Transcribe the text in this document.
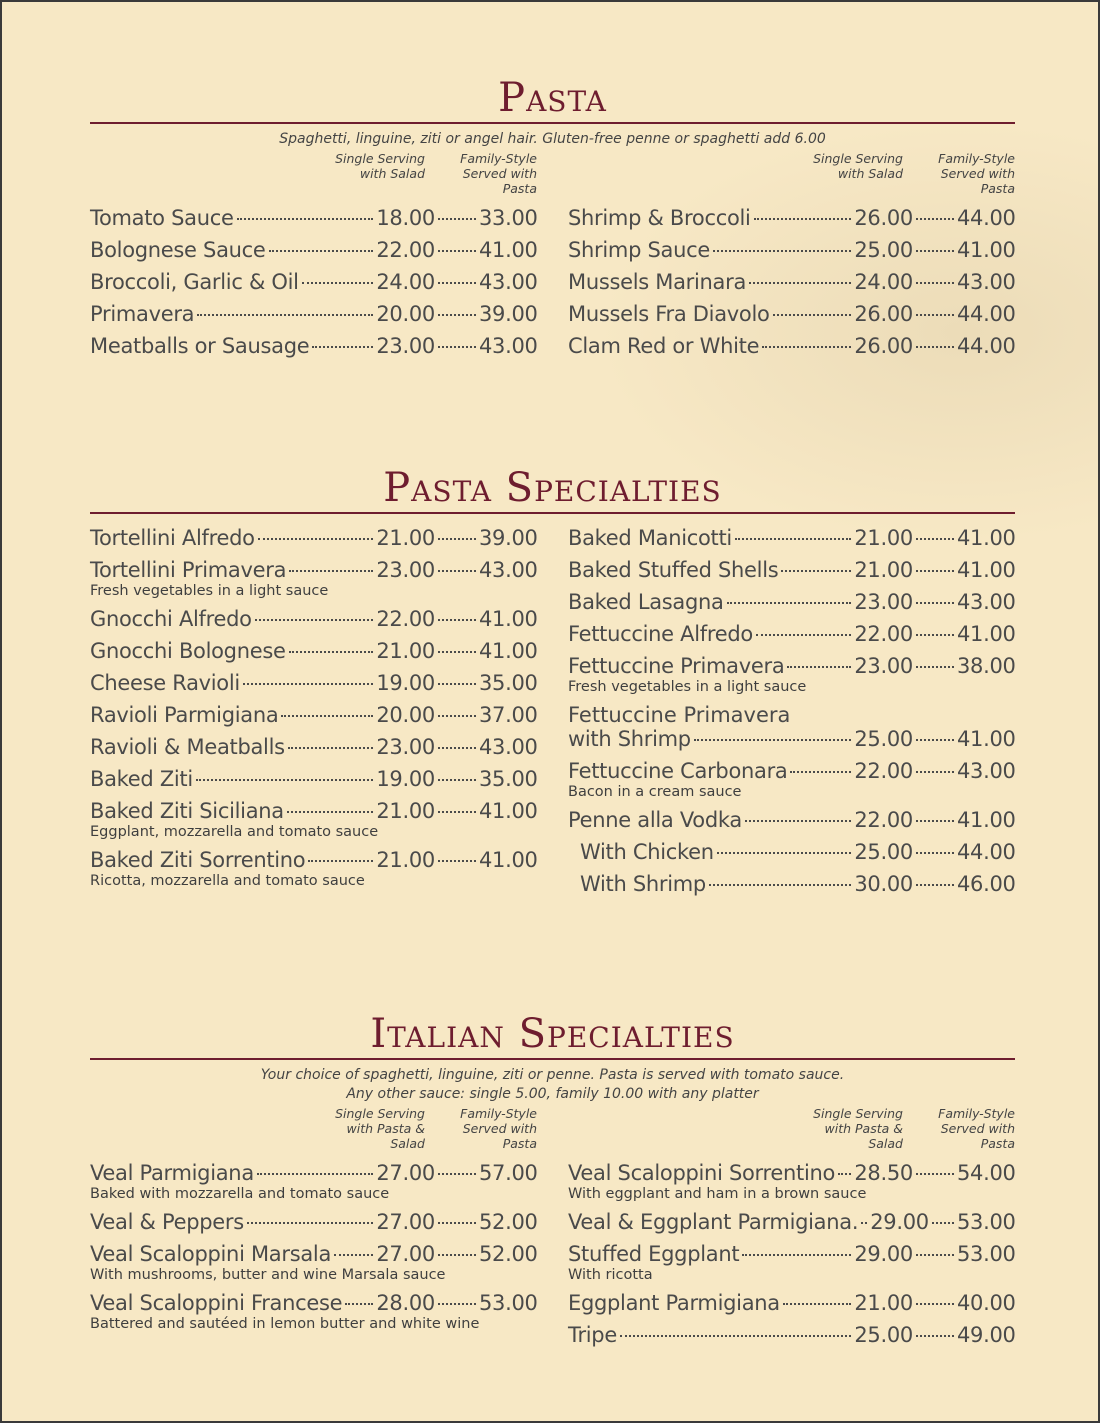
Pasta
Spaghetti, linguine, ziti or angel hair. Gluten-free penne or spaghetti add 6.00
Single Serving
with Salad
Family-Style
Served with Pasta
Tomato Sauce	18.00 33.00
Bolognese Sauce	22.00 41.00
Broccoli, Garlic & Oil	24.00 43.00
Primavera	20.00 39.00
Meatballs or Sausage	23.00 43.00
Single Serving
with Salad
Family-Style
Served with Pasta
Shrimp & Broccoli	26.00 44.00
Shrimp Sauce	25.00 41.00
Mussels Marinara	24.00 43.00
Mussels Fra Diavolo	26.00 44.00
Clam Red or White	26.00 44.00
Pasta Specialties
Tortellini Alfredo	21.00 39.00
Tortellini Primavera	23.00 43.00
Fresh vegetables in a light sauce
Gnocchi Alfredo	22.00 41.00
Gnocchi Bolognese	21.00 41.00
Cheese Ravioli	19.00 35.00
Ravioli Parmigiana	20.00 37.00
Ravioli & Meatballs	23.00 43.00
Baked Ziti	19.00 35.00
Baked Ziti Siciliana	21.00 41.00
Eggplant, mozzarella and tomato sauce
Baked Ziti Sorrentino	21.00 41.00
Ricotta, mozzarella and tomato sauce
Baked Manicotti	21.00 41.00
Baked Stuffed Shells	21.00 41.00
Baked Lasagna	23.00 43.00
Fettuccine Alfredo	22.00 41.00
Fettuccine Primavera	23.00 38.00
Fresh vegetables in a light sauce
Fettuccine Primavera
with Shrimp	25.00 41.00
Fettuccine Carbonara	22.00 43.00
Bacon in a cream sauce
Penne alla Vodka	22.00 41.00
With Chicken	25.00 44.00
With Shrimp	30.00 46.00
Italian Specialties
Your choice of spaghetti, linguine, ziti or penne. Pasta is served with tomato sauce.
Any other sauce: single 5.00, family 10.00 with any platter
Single Serving
with Pasta & Salad
Family-Style
Served with Pasta
Veal Parmigiana	27.00 57.00
Baked with mozzarella and tomato sauce
Veal & Peppers	27.00 52.00
Veal Scaloppini Marsala 27.00 52.00
With mushrooms, butter and wine Marsala sauce
Veal Scaloppini Francese 28.00 53.00
Battered and sautéed in lemon butter and white wine
Single Serving
with Pasta & Salad
Family-Style
Served with Pasta
Veal Scaloppini Sorrentino 28.50 54.00
With eggplant and ham in a brown sauce
Veal & Eggplant Parmigiana. 29.00 53.00
Stuffed Eggplant	29.00 53.00
With ricotta
Eggplant Parmigiana	21.00 40.00
Tripe	25.00 49.00
